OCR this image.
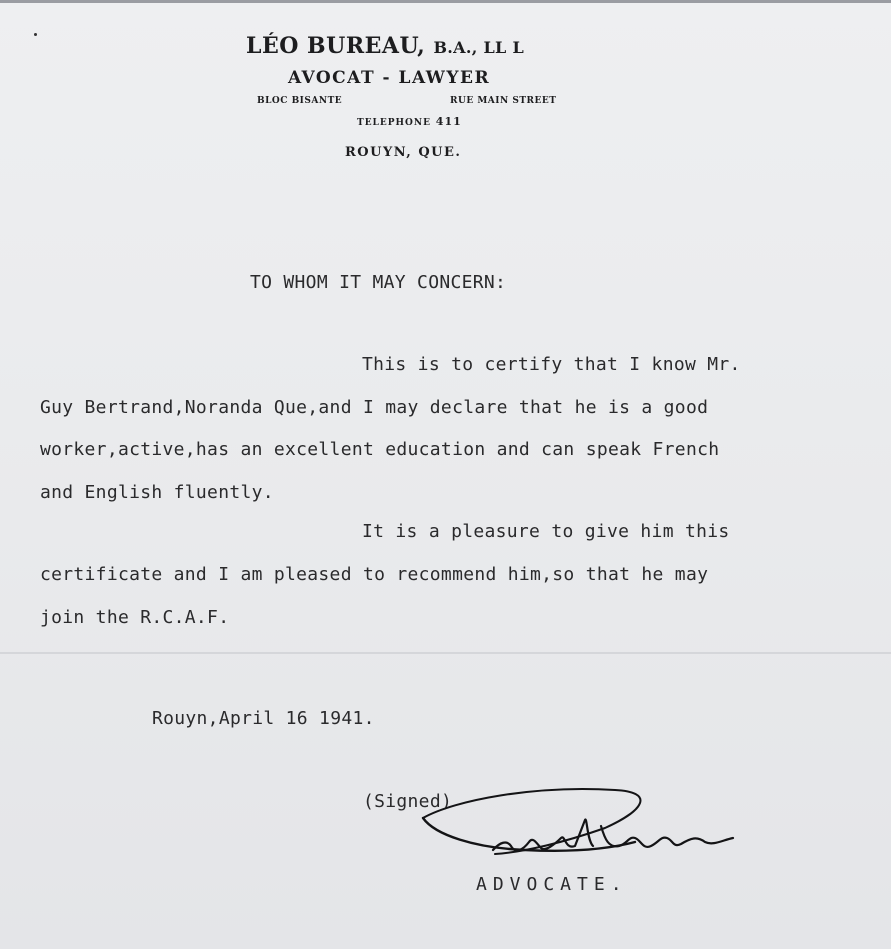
LÉO BUREAU, B.A., LL L
AVOCAT - LAWYER
BLOC BISANTE	RUE MAIN STREET
TELEPHONE 411
ROUYN, QUE.
TO WHOM IT MAY CONCERN:
This is to certify that I know Mr.
Guy Bertrand,Noranda Que,and I may declare that he is a good
worker,active,has an excellent education and can speak French
and English fluently.
It is a pleasure to give him this
certificate and I am pleased to recommend him,so that he may
join the R.C.A.F.
Rouyn,April 16 1941.
(Signed)
ADVOCATE.
